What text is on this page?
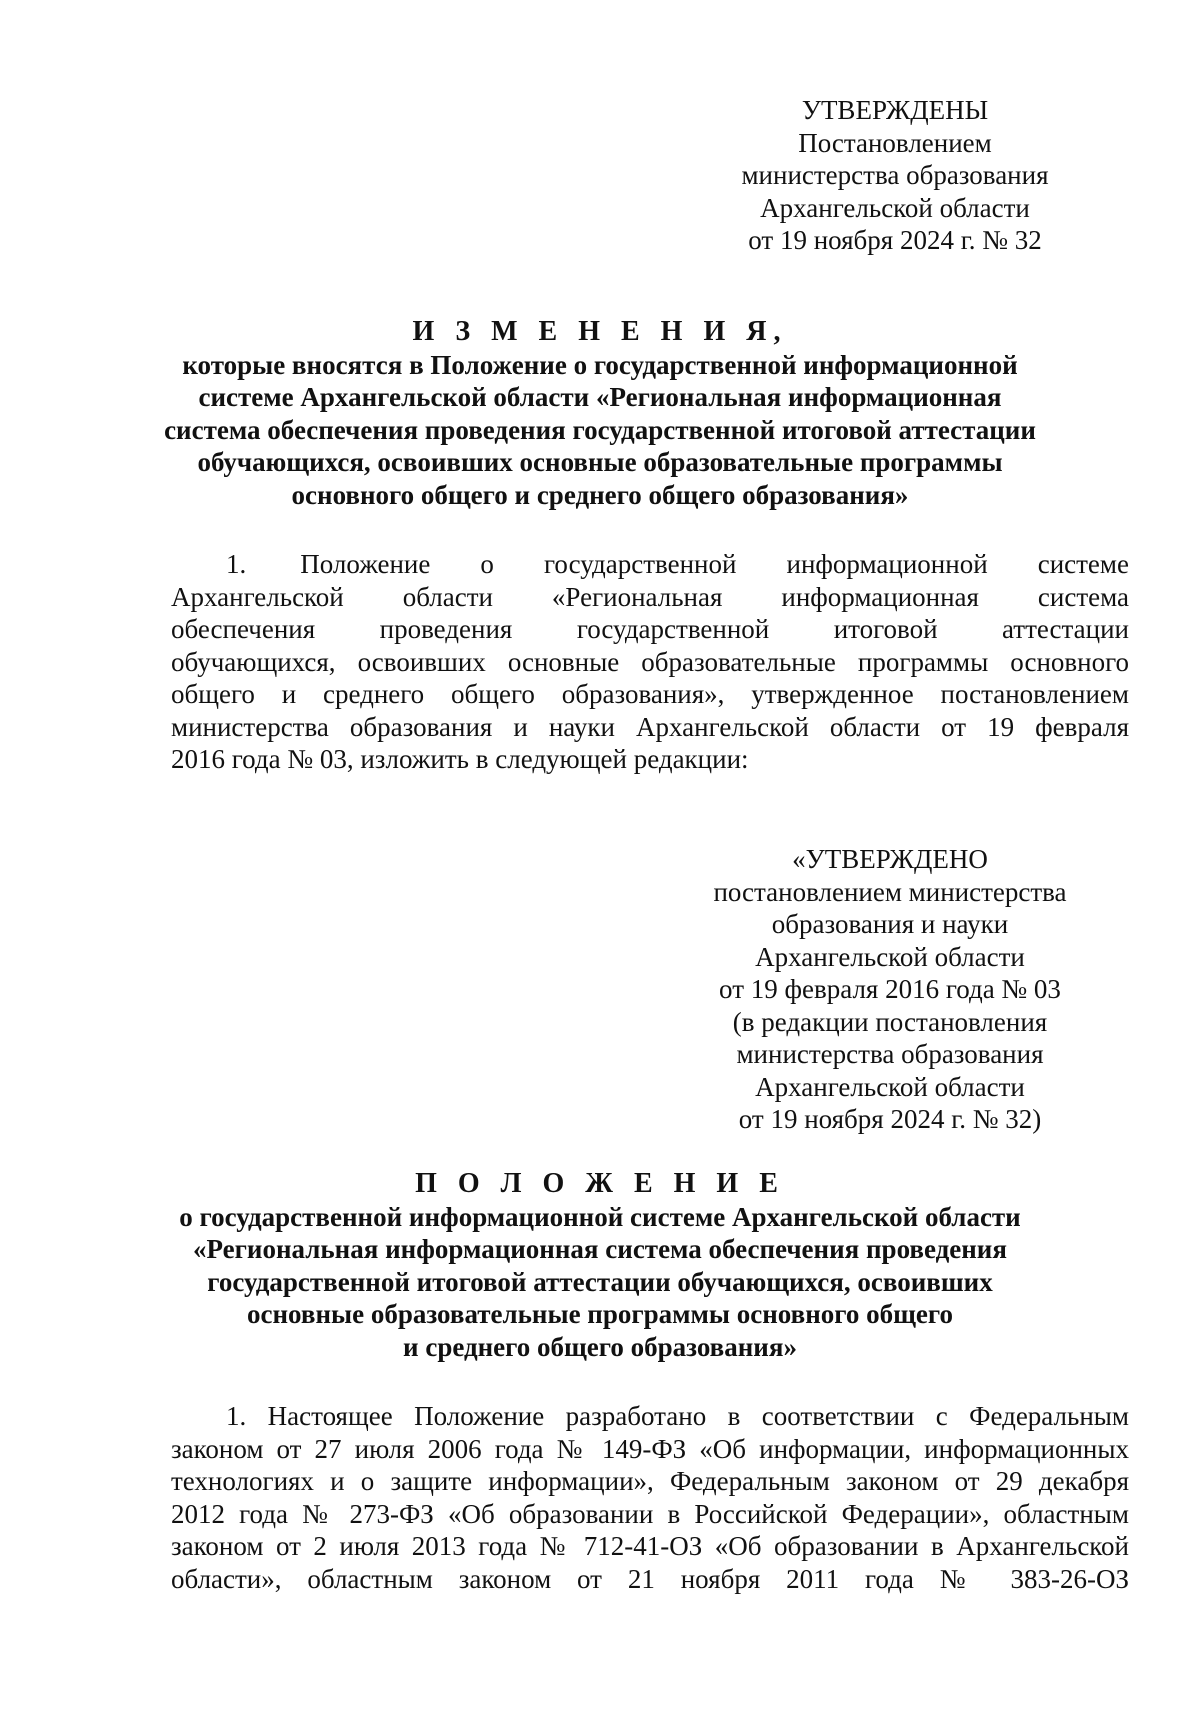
УТВЕРЖДЕНЫ
Постановлением
министерства образования
Архангельской области
от 19 ноября 2024 г. № 32
И З М Е Н Е Н И Я,
которые вносятся в Положение о государственной информационной
системе Архангельской области «Региональная информационная
система обеспечения проведения государственной итоговой аттестации
обучающихся, освоивших основные образовательные программы
основного общего и среднего общего образования»
1.  Положение о государственной информационной системе
Архангельской области «Региональная информационная система
обеспечения проведения государственной итоговой аттестации
обучающихся, освоивших основные образовательные программы основного
общего и среднего общего образования», утвержденное постановлением
министерства образования и науки Архангельской области от 19 февраля
2016 года № 03, изложить в следующей редакции:
«УТВЕРЖДЕНО
постановлением министерства
образования и науки
Архангельской области
от 19 февраля 2016 года № 03
(в редакции постановления
министерства образования
Архангельской области
от 19 ноября 2024 г. № 32)
П О Л О Ж Е Н И Е
о государственной информационной системе Архангельской области
«Региональная информационная система обеспечения проведения
государственной итоговой аттестации обучающихся, освоивших
основные образовательные программы основного общего
и среднего общего образования»
1. Настоящее Положение разработано в соответствии с Федеральным
законом от 27 июля 2006 года № 149-ФЗ «Об информации, информационных
технологиях и о защите информации», Федеральным законом от 29 декабря
2012 года № 273-ФЗ «Об образовании в Российской Федерации», областным
законом от 2 июля 2013 года № 712-41-ОЗ «Об образовании в Архангельской
области», областным законом от 21 ноября 2011 года № 383-26-ОЗ
